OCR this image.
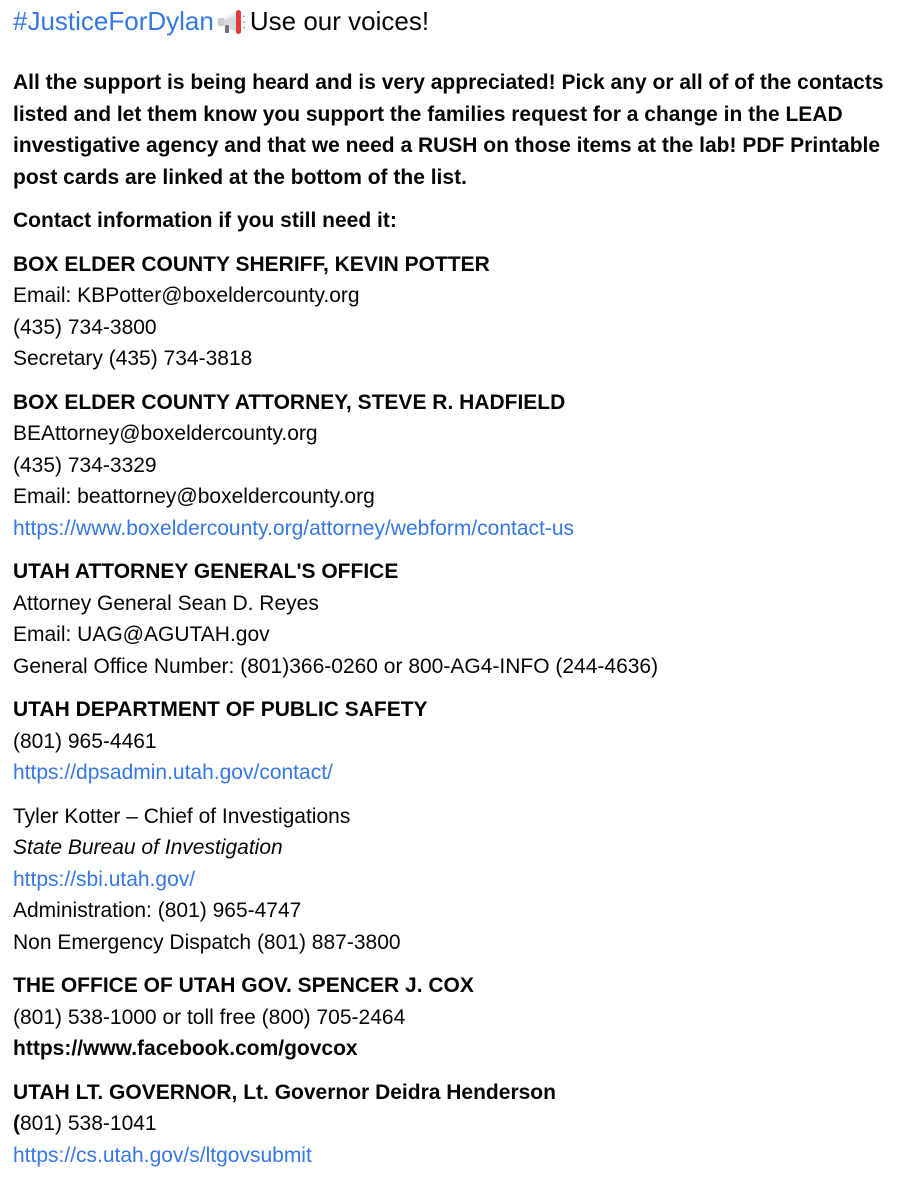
#JusticeForDylan Use our voices!
All the support is being heard and is very appreciated! Pick any or all of of the contacts listed and let them know you support the families request for a change in the LEAD investigative agency and that we need a RUSH on those items at the lab! PDF Printable post cards are linked at the bottom of the list.
Contact information if you still need it:
BOX ELDER COUNTY SHERIFF, KEVIN POTTER
Email: KBPotter@boxeldercounty.org
(435) 734-3800
Secretary (435) 734-3818
BOX ELDER COUNTY ATTORNEY, STEVE R. HADFIELD
BEAttorney@boxeldercounty.org
(435) 734-3329
Email: beattorney@boxeldercounty.org
https://www.boxeldercounty.org/attorney/webform/contact-us
UTAH ATTORNEY GENERAL'S OFFICE
Attorney General Sean D. Reyes
Email: UAG@AGUTAH.gov
General Office Number: (801)366-0260 or 800-AG4-INFO (244-4636)
UTAH DEPARTMENT OF PUBLIC SAFETY
(801) 965-4461
https://dpsadmin.utah.gov/contact/
Tyler Kotter – Chief of Investigations
State Bureau of Investigation
https://sbi.utah.gov/
Administration: (801) 965-4747
Non Emergency Dispatch (801) 887-3800
THE OFFICE OF UTAH GOV. SPENCER J. COX
(801) 538-1000 or toll free (800) 705-2464
https://www.facebook.com/govcox
UTAH LT. GOVERNOR, Lt. Governor Deidra Henderson
(801) 538-1041
https://cs.utah.gov/s/ltgovsubmit
